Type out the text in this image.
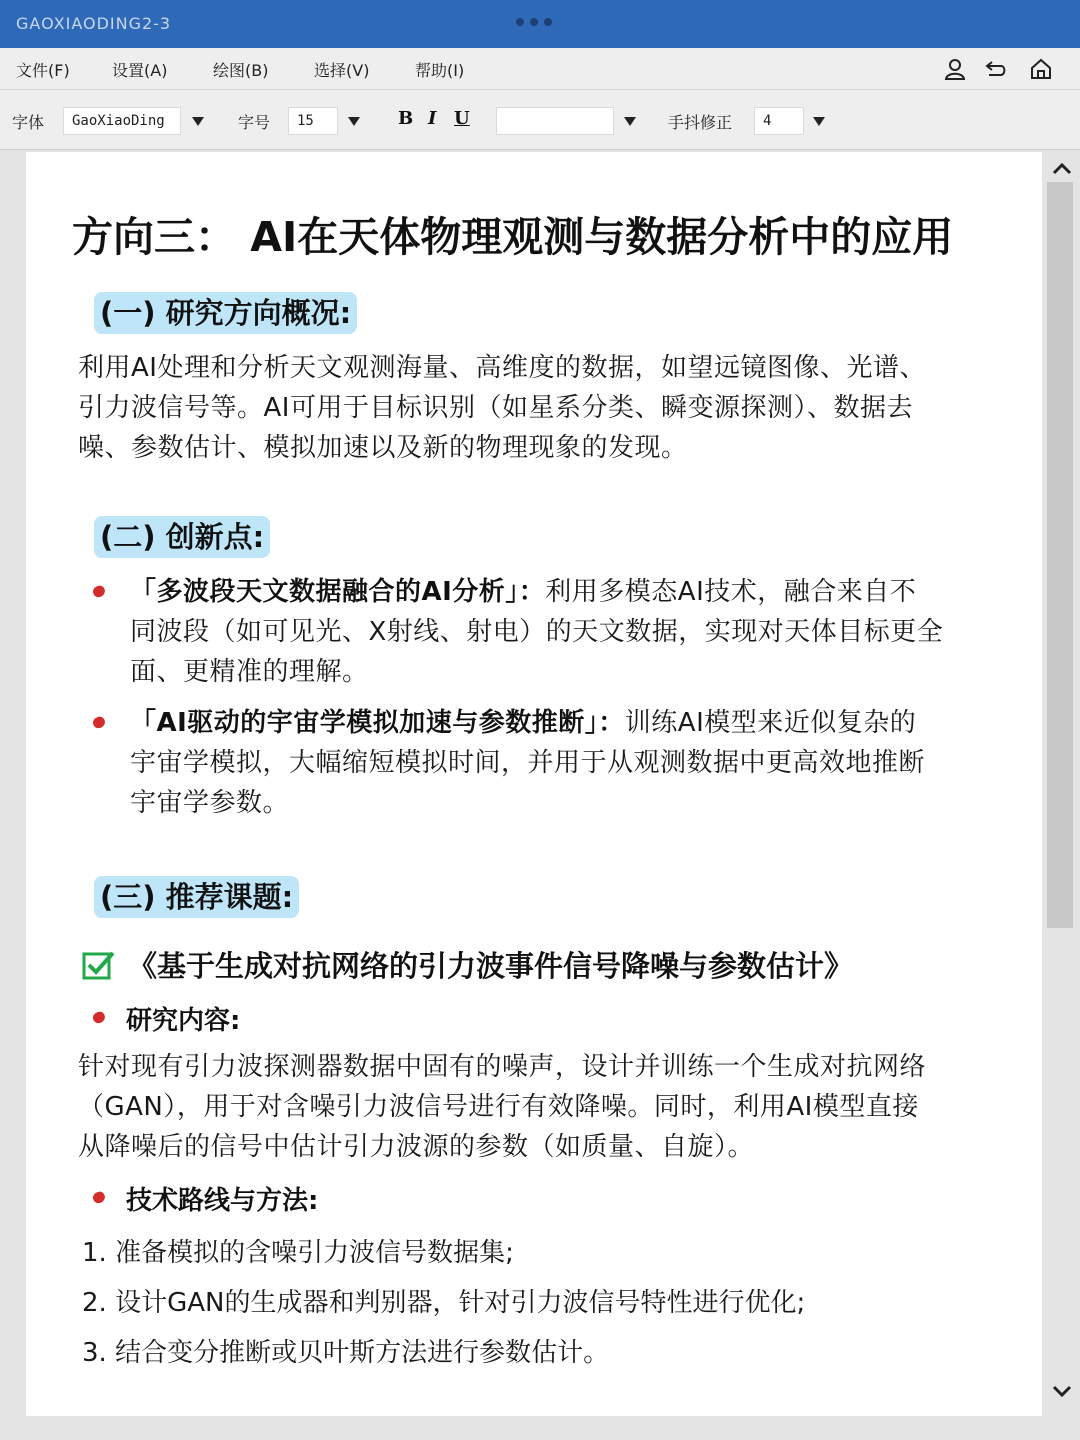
GAOXIAODING2-3
文件(F)	设置(A)	绘图(B)	选择(V)	帮助(I)
字体	GaoXiaoDing	字号	15	B I U	手抖修正	4
方向三： AI在天体物理观测与数据分析中的应用
(一) 研究方向概况:
利用AI处理和分析天文观测海量、高维度的数据，如望远镜图像、光谱、
引力波信号等。AI可用于目标识别（如星系分类、瞬变源探测）、数据去
噪、参数估计、模拟加速以及新的物理现象的发现。
(二) 创新点:
「多波段天文数据融合的AI分析」：利用多模态AI技术，融合来自不
同波段（如可见光、X射线、射电）的天文数据，实现对天体目标更全
面、更精准的理解。
「AI驱动的宇宙学模拟加速与参数推断」：训练AI模型来近似复杂的
宇宙学模拟，大幅缩短模拟时间，并用于从观测数据中更高效地推断
宇宙学参数。
(三) 推荐课题:
《基于生成对抗网络的引力波事件信号降噪与参数估计》
研究内容:
针对现有引力波探测器数据中固有的噪声，设计并训练一个生成对抗网络
（GAN），用于对含噪引力波信号进行有效降噪。同时，利用AI模型直接
从降噪后的信号中估计引力波源的参数（如质量、自旋）。
技术路线与方法:
1. 准备模拟的含噪引力波信号数据集;
2. 设计GAN的生成器和判别器，针对引力波信号特性进行优化;
3. 结合变分推断或贝叶斯方法进行参数估计。
